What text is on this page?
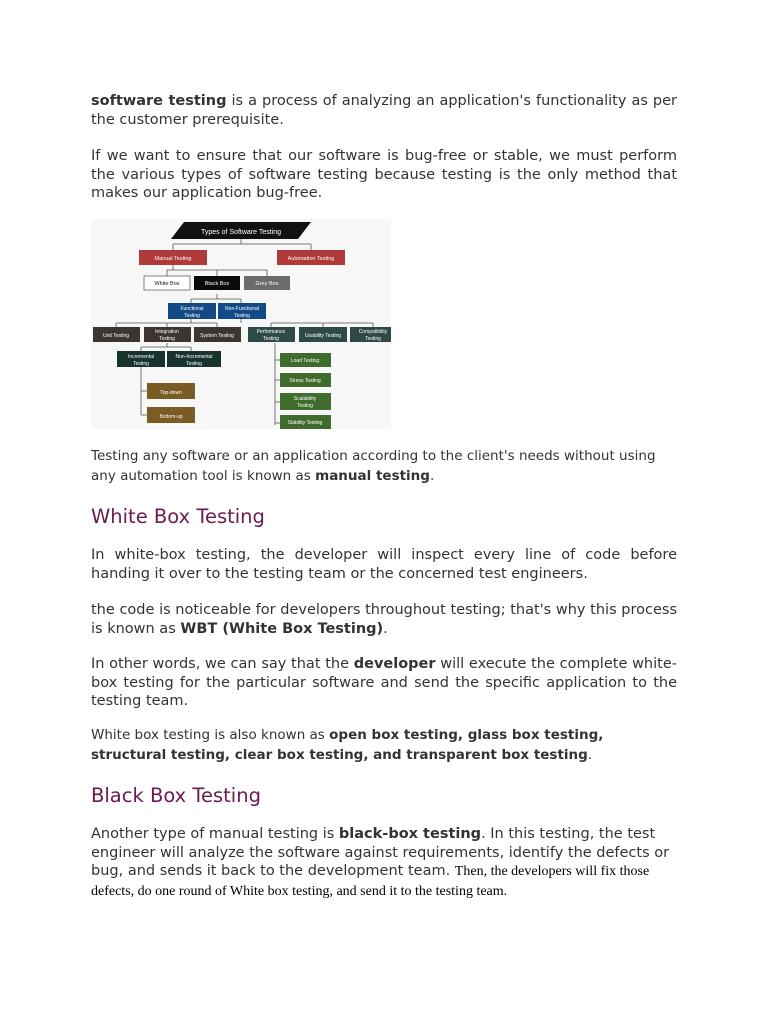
software testing is a process of analyzing an application's functionality as per the customer prerequisite.

If we want to ensure that our software is bug-free or stable, we must perform the various types of software testing because testing is the only method that makes our application bug-free.

Types of Software Testing
Manual Testing	Automation Testing
White Box	Black Box	Grey Box
Functional
Testing
Non-Functional
Testing
Unit Testing
Integration
Testing	System Testing
Performance
Testing	Usability Testing
Compatibility
Testing
Incremental
Testing
Non-Incremental
Testing
Top-down
Bottom-up
Load Testing
Stress Testing
Scalability
Testing
Stability Testing

Testing any software or an application according to the client's needs without using any automation tool is known as manual testing.

White Box Testing

In white-box testing, the developer will inspect every line of code before handing it over to the testing team or the concerned test engineers.

the code is noticeable for developers throughout testing; that's why this process is known as WBT (White Box Testing).

In other words, we can say that the developer will execute the complete white-box testing for the particular software and send the specific application to the testing team.

White box testing is also known as open box testing, glass box testing, structural testing, clear box testing, and transparent box testing.

Black Box Testing

Another type of manual testing is black-box testing. In this testing, the test engineer will analyze the software against requirements, identify the defects or bug, and sends it back to the development team. Then, the developers will fix those defects, do one round of White box testing, and send it to the testing team.
